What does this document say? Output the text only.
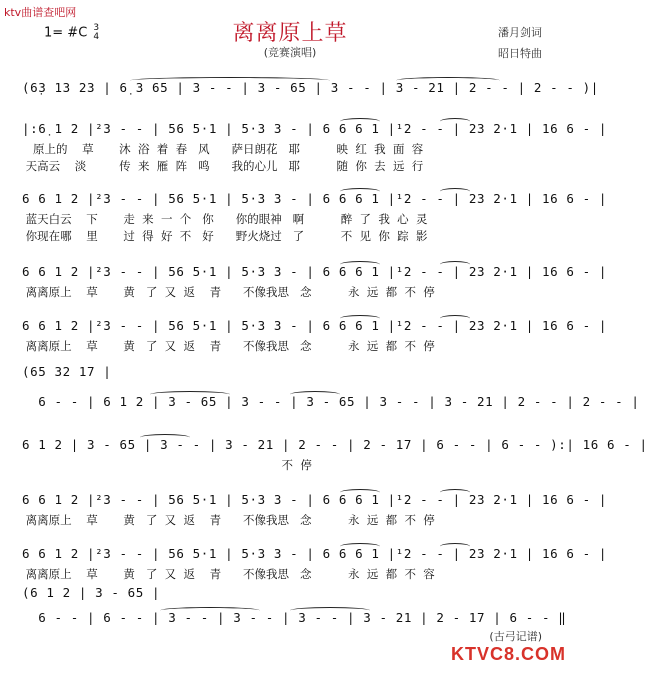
ktv曲谱查吧网
离离原上草
(竞赛演唱)
1= #C 3
4	潘月剑词
昭日特曲
(6̣3 13 23 | 6̣ 3 65 | 3 - - | 3 - 65 | 3 - - | 3 - 21 | 2 - - | 2 - - )|
|:6̣ 1 2 |²3 - - | 56 5·1 | 5·3 3 - | 6 6 6 1 |¹2 - - | 23 2·1 | 16 6 - |
6 6 1 2 |²3 - - | 56 5·1 | 5·3 3 - | 6 6 6 1 |¹2 - - | 23 2·1 | 16 6 - |
6 6 1 2 |²3 - - | 56 5·1 | 5·3 3 - | 6 6 6 1 |¹2 - - | 23 2·1 | 16 6 - |
6 6 1 2 |²3 - - | 56 5·1 | 5·3 3 - | 6 6 6 1 |¹2 - - | 23 2·1 | 16 6 - |
(65 32 17 |
6 - - | 6 1 2 | 3 - 65 | 3 - - | 3 - 65 | 3 - - | 3 - 21 | 2 - - | 2 - - |
6 1 2 | 3 - 65 | 3 - - | 3 - 21 | 2 - - | 2 - 17 | 6 - - | 6 - - ):| 16 6 - |
6 6 1 2 |²3 - - | 56 5·1 | 5·3 3 - | 6 6 6 1 |¹2 - - | 23 2·1 | 16 6 - |
6 6 1 2 |²3 - - | 56 5·1 | 5·3 3 - | 6 6 6 1 |¹2 - - | 23 2·1 | 16 6 - |
(6 1 2 | 3 - 65 |
6 - - | 6 - - | 3 - - | 3 - - | 3 - - | 3 - 21 | 2 - 17 | 6 - - ‖
原上的    草       沐  浴  着  春   风      萨日朗花   耶          映  红  我  面  容
天高云    淡         传  来  雁  阵   鸣      我的心儿   耶          随  你  去  远  行
蓝天白云    下       走  来  一  个   你      你的眼神   啊          醉  了  我  心  灵
你现在哪    里       过  得  好  不   好      野火烧过   了          不  见  你  踪  影
离离原上    草       黄   了  又  返    青      不像我思   念          永  远  都  不  停
离离原上    草       黄   了  又  返    青      不像我思   念          永  远  都  不  停
不  停
离离原上    草       黄   了  又  返    青      不像我思   念          永  远  都  不  停
离离原上    草       黄   了  又  返    青      不像我思   念          永  远  都  不  容
(古弓记谱)
KTVC8.COM
